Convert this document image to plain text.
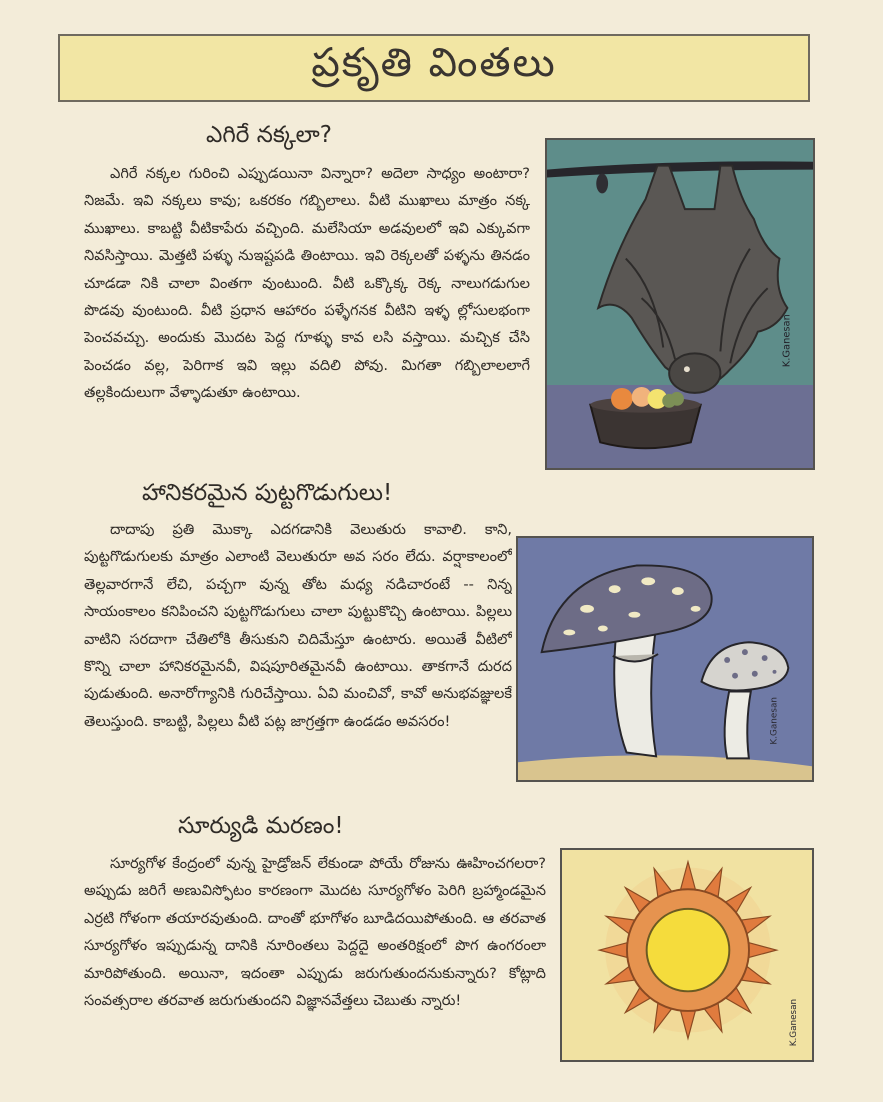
ప్రకృతి వింతలు
ఎగిరే నక్కలా?
ఎగిరే నక్కల గురించి ఎప్పుడయినా విన్నారా? అదెలా సాధ్యం అంటారా? నిజమే. ఇవి నక్కలు కావు; ఒకరకం గబ్బిలాలు. వీటి ముఖాలు మాత్రం నక్క ముఖాలు. కాబట్టి వీటికాపేరు వచ్చింది. మలేసియా అడవులలో ఇవి ఎక్కువగా నివసిస్తాయి. మెత్తటి పళ్ళు నుఇష్టపడి తింటాయి. ఇవి రెక్కలతో పళ్ళను తినడం చూడడా నికి చాలా వింతగా వుంటుంది. వీటి ఒక్కొక్క రెక్క నాలుగడుగుల పొడవు వుంటుంది. వీటి ప్రధాన ఆహారం పళ్ళేగనక వీటిని ఇళ్ళ ల్లోసులభంగా పెంచవచ్చు. అందుకు మొదట పెద్ద గూళ్ళు కావ లసి వస్తాయి. మచ్చిక చేసి పెంచడం వల్ల, పెరిగాక ఇవి ఇల్లు వదిలి పోవు. మిగతా గబ్బిలాలలాగే తల్లకిందులుగా వేళ్ళాడుతూ ఉంటాయి.
K.Ganesan
హానికరమైన పుట్టగొడుగులు!
దాదాపు ప్రతి మొక్కా ఎదగడానికి వెలుతురు కావాలి. కాని, పుట్టగొడుగులకు మాత్రం ఎలాంటి వెలుతురూ అవ సరం లేదు. వర్షాకాలంలో తెల్లవారగానే లేచి, పచ్చగా వున్న తోట మధ్య నడిచారంటే -- నిన్న సాయంకాలం కనిపించని పుట్టగొడుగులు చాలా పుట్టుకొచ్చి ఉంటాయి. పిల్లలు వాటిని సరదాగా చేతిలోకి తీసుకుని చిదిమేస్తూ ఉంటారు. అయితే వీటిలో కొన్ని చాలా హానికరమైనవీ, విషపూరితమైనవీ ఉంటాయి. తాకగానే దురద పుడుతుంది. అనారోగ్యానికి గురిచేస్తాయి. ఏవి మంచివో, కావో అనుభవజ్ఞులకే తెలుస్తుంది. కాబట్టి, పిల్లలు వీటి పట్ల జాగ్రత్తగా ఉండడం అవసరం!	K.Ganesan
సూర్యుడి మరణం!
సూర్యగోళ కేంద్రంలో వున్న హైడ్రోజన్ లేకుండా పోయే రోజును ఊహించగలరా? అప్పుడు జరిగే అణువిస్ఫోటం కారణంగా మొదట సూర్యగోళం పెరిగి బ్రహ్మాండమైన ఎర్రటి గోళంగా తయారవుతుంది. దాంతో భూగోళం బూడిదయిపోతుంది. ఆ తరవాత సూర్యగోళం ఇప్పుడున్న దానికి నూరింతలు పెద్దదై అంతరిక్షంలో పొగ ఉంగరంలా మారిపోతుంది. అయినా, ఇదంతా ఎప్పుడు జరుగుతుందనుకున్నారు? కోట్లాది సంవత్సరాల తరవాత జరుగుతుందని విజ్ఞానవేత్తలు చెబుతు న్నారు!	K.Ganesan
